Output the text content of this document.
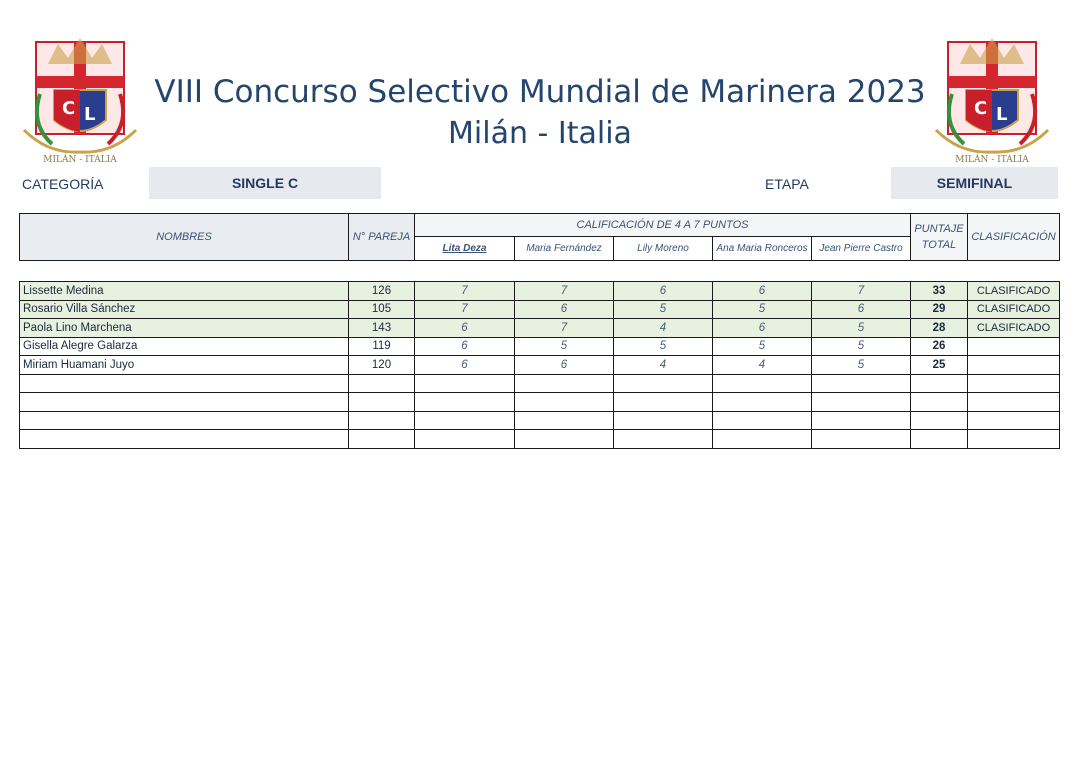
C L
MILÁN - ITALIA
C L
MILÁN - ITALIA
VIII Concurso Selectivo Mundial de Marinera 2023
Milán - Italia
CATEGORÍA	SINGLE C	ETAPA	SEMIFINAL
NOMBRES	N° PAREJA	CALIFICACIÓN DE 4 A 7 PUNTOS					PUNTAJE TOTAL	CLASIFICACIÓN
		Lita Deza	Maria Fernández	Lily Moreno	Ana Maria Ronceros	Jean Pierre Castro		
Lissette Medina	126	7	7	6	6	7	33	CLASIFICADO
Rosario Villa Sánchez	105	7	6	5	5	6	29	CLASIFICADO
Paola Lino Marchena	143	6	7	4	6	5	28	CLASIFICADO
Gisella Alegre Galarza	119	6	5	5	5	5	26	
Miriam Huamani Juyo	120	6	6	4	4	5	25	
